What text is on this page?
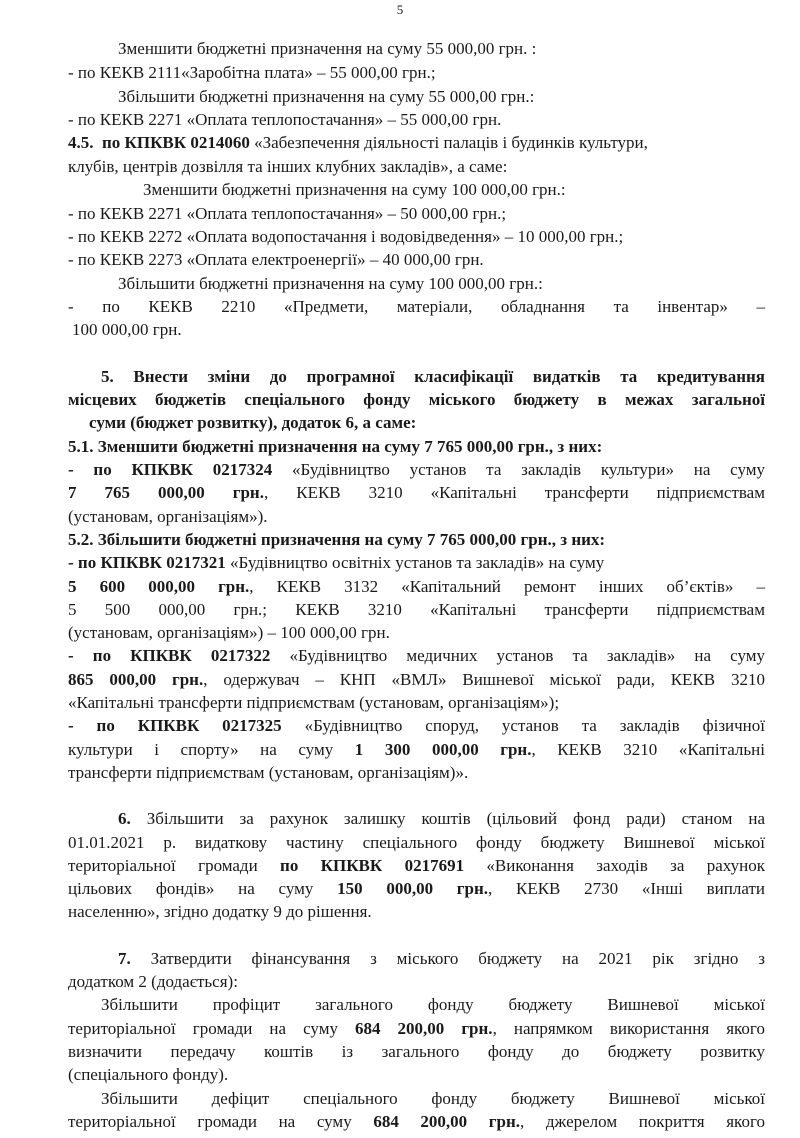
5
Зменшити бюджетні призначення на суму 55 000,00 грн. :
- по КЕКВ 2111«Заробітна плата» – 55 000,00 грн.;
Збільшити бюджетні призначення на суму 55 000,00 грн.:
- по КЕКВ 2271 «Оплата теплопостачання» – 55 000,00 грн.
4.5. по КПКВК 0214060 «Забезпечення діяльності палаців і будинків культури,
клубів, центрів дозвілля та інших клубних закладів», а саме:
Зменшити бюджетні призначення на суму 100 000,00 грн.:
- по КЕКВ 2271 «Оплата теплопостачання» – 50 000,00 грн.;
- по КЕКВ 2272 «Оплата водопостачання і водовідведення» – 10 000,00 грн.;
- по КЕКВ 2273 «Оплата електроенергії» – 40 000,00 грн.
Збільшити бюджетні призначення на суму 100 000,00 грн.:
- по КЕКВ 2210 «Предмети, матеріали, обладнання та інвентар» –
100 000,00 грн.
5. Внести зміни до програмної класифікації видатків та кредитування
місцевих бюджетів спеціального фонду міського бюджету в межах загальної
суми (бюджет розвитку), додаток 6, а саме:
5.1. Зменшити бюджетні призначення на суму 7 765 000,00 грн., з них:
- по КПКВК 0217324 «Будівництво установ та закладів культури» на суму
7 765 000,00 грн., КЕКВ 3210 «Капітальні трансферти підприємствам
(установам, організаціям»).
5.2. Збільшити бюджетні призначення на суму 7 765 000,00 грн., з них:
- по КПКВК 0217321 «Будівництво освітніх установ та закладів» на суму
5 600 000,00 грн., КЕКВ 3132 «Капітальний ремонт інших об’єктів» –
5 500 000,00 грн.; КЕКВ 3210 «Капітальні трансферти підприємствам
(установам, організаціям») – 100 000,00 грн.
- по КПКВК 0217322 «Будівництво медичних установ та закладів» на суму
865 000,00 грн., одержувач – КНП «ВМЛ» Вишневої міської ради, КЕКВ 3210
«Капітальні трансферти підприємствам (установам, організаціям»);
- по КПКВК 0217325 «Будівництво споруд, установ та закладів фізичної
культури і спорту» на суму 1 300 000,00 грн., КЕКВ 3210 «Капітальні
трансферти підприємствам (установам, організаціям)».
6. Збільшити за рахунок залишку коштів (цільовий фонд ради) станом на
01.01.2021 р. видаткову частину спеціального фонду бюджету Вишневої міської
територіальної громади по КПКВК 0217691 «Виконання заходів за рахунок
цільових фондів» на суму 150 000,00 грн., КЕКВ 2730 «Інші виплати
населенню», згідно додатку 9 до рішення.
7. Затвердити фінансування з міського бюджету на 2021 рік згідно з
додатком 2 (додається):
Збільшити профіцит загального фонду бюджету Вишневої міської
територіальної громади на суму 684 200,00 грн., напрямком використання якого
визначити передачу коштів із загального фонду до бюджету розвитку
(спеціального фонду).
Збільшити дефіцит спеціального фонду бюджету Вишневої міської
територіальної громади на суму 684 200,00 грн., джерелом покриття якого
